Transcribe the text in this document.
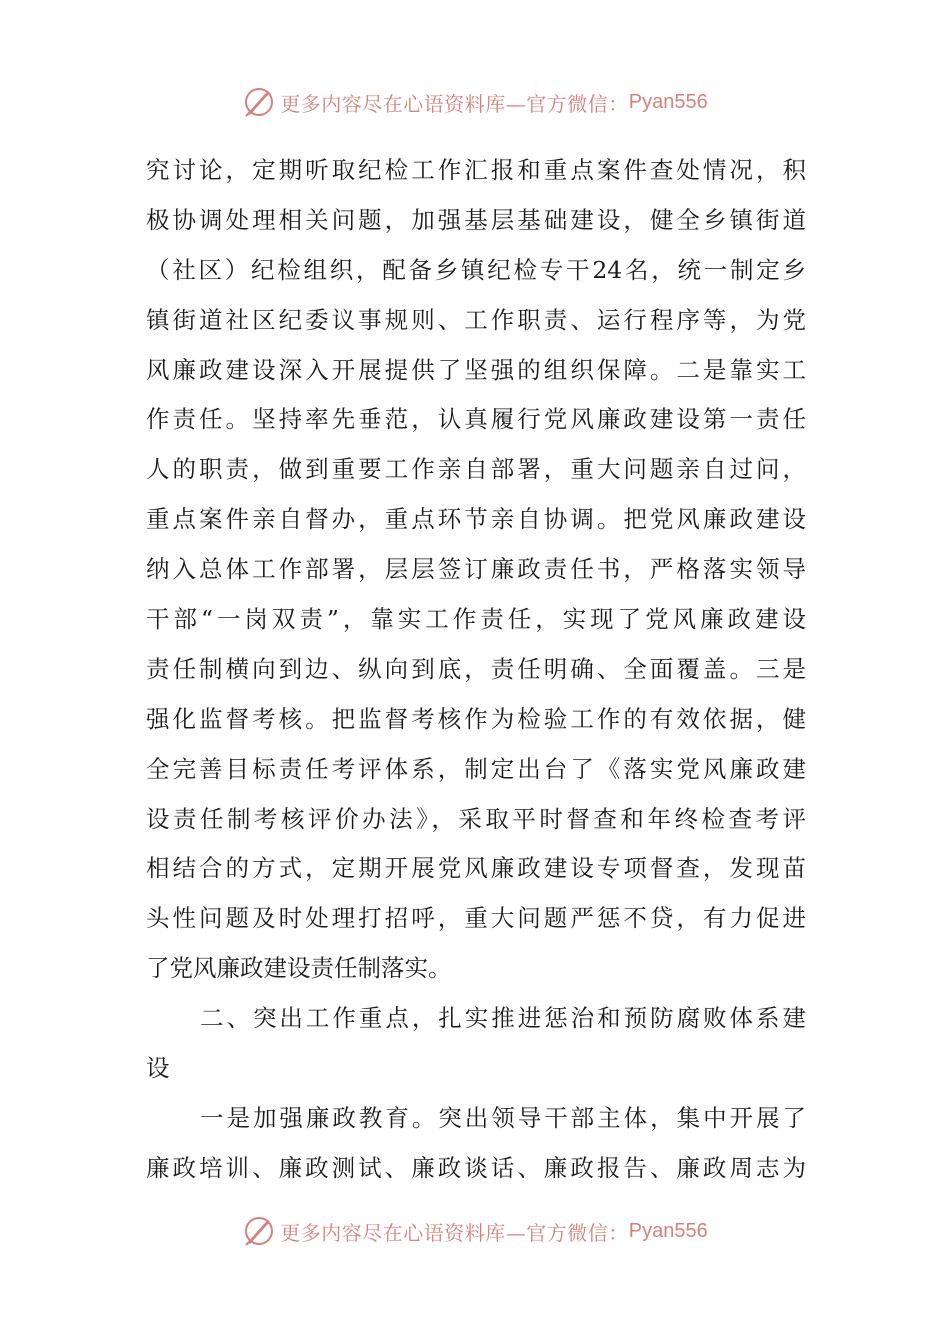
更多内容尽在心语资料库—官方微信： Pyan556
究讨论，定期听取纪检工作汇报和重点案件查处情况，积
极协调处理相关问题，加强基层基础建设，健全乡镇街道
（社区）纪检组织，配备乡镇纪检专干24名，统一制定乡
镇街道社区纪委议事规则、工作职责、运行程序等，为党
风廉政建设深入开展提供了坚强的组织保障。二是靠实工
作责任。坚持率先垂范，认真履行党风廉政建设第一责任
人的职责，做到重要工作亲自部署，重大问题亲自过问，
重点案件亲自督办，重点环节亲自协调。把党风廉政建设
纳入总体工作部署，层层签订廉政责任书，严格落实领导
干部“一岗双责”，靠实工作责任，实现了党风廉政建设
责任制横向到边、纵向到底，责任明确、全面覆盖。三是
强化监督考核。把监督考核作为检验工作的有效依据，健
全完善目标责任考评体系，制定出台了《落实党风廉政建
设责任制考核评价办法》，采取平时督查和年终检查考评
相结合的方式，定期开展党风廉政建设专项督查，发现苗
头性问题及时处理打招呼，重大问题严惩不贷，有力促进
了党风廉政建设责任制落实。
二、突出工作重点，扎实推进惩治和预防腐败体系建
设
一是加强廉政教育。突出领导干部主体，集中开展了
廉政培训、廉政测试、廉政谈话、廉政报告、廉政周志为
更多内容尽在心语资料库—官方微信： Pyan556
